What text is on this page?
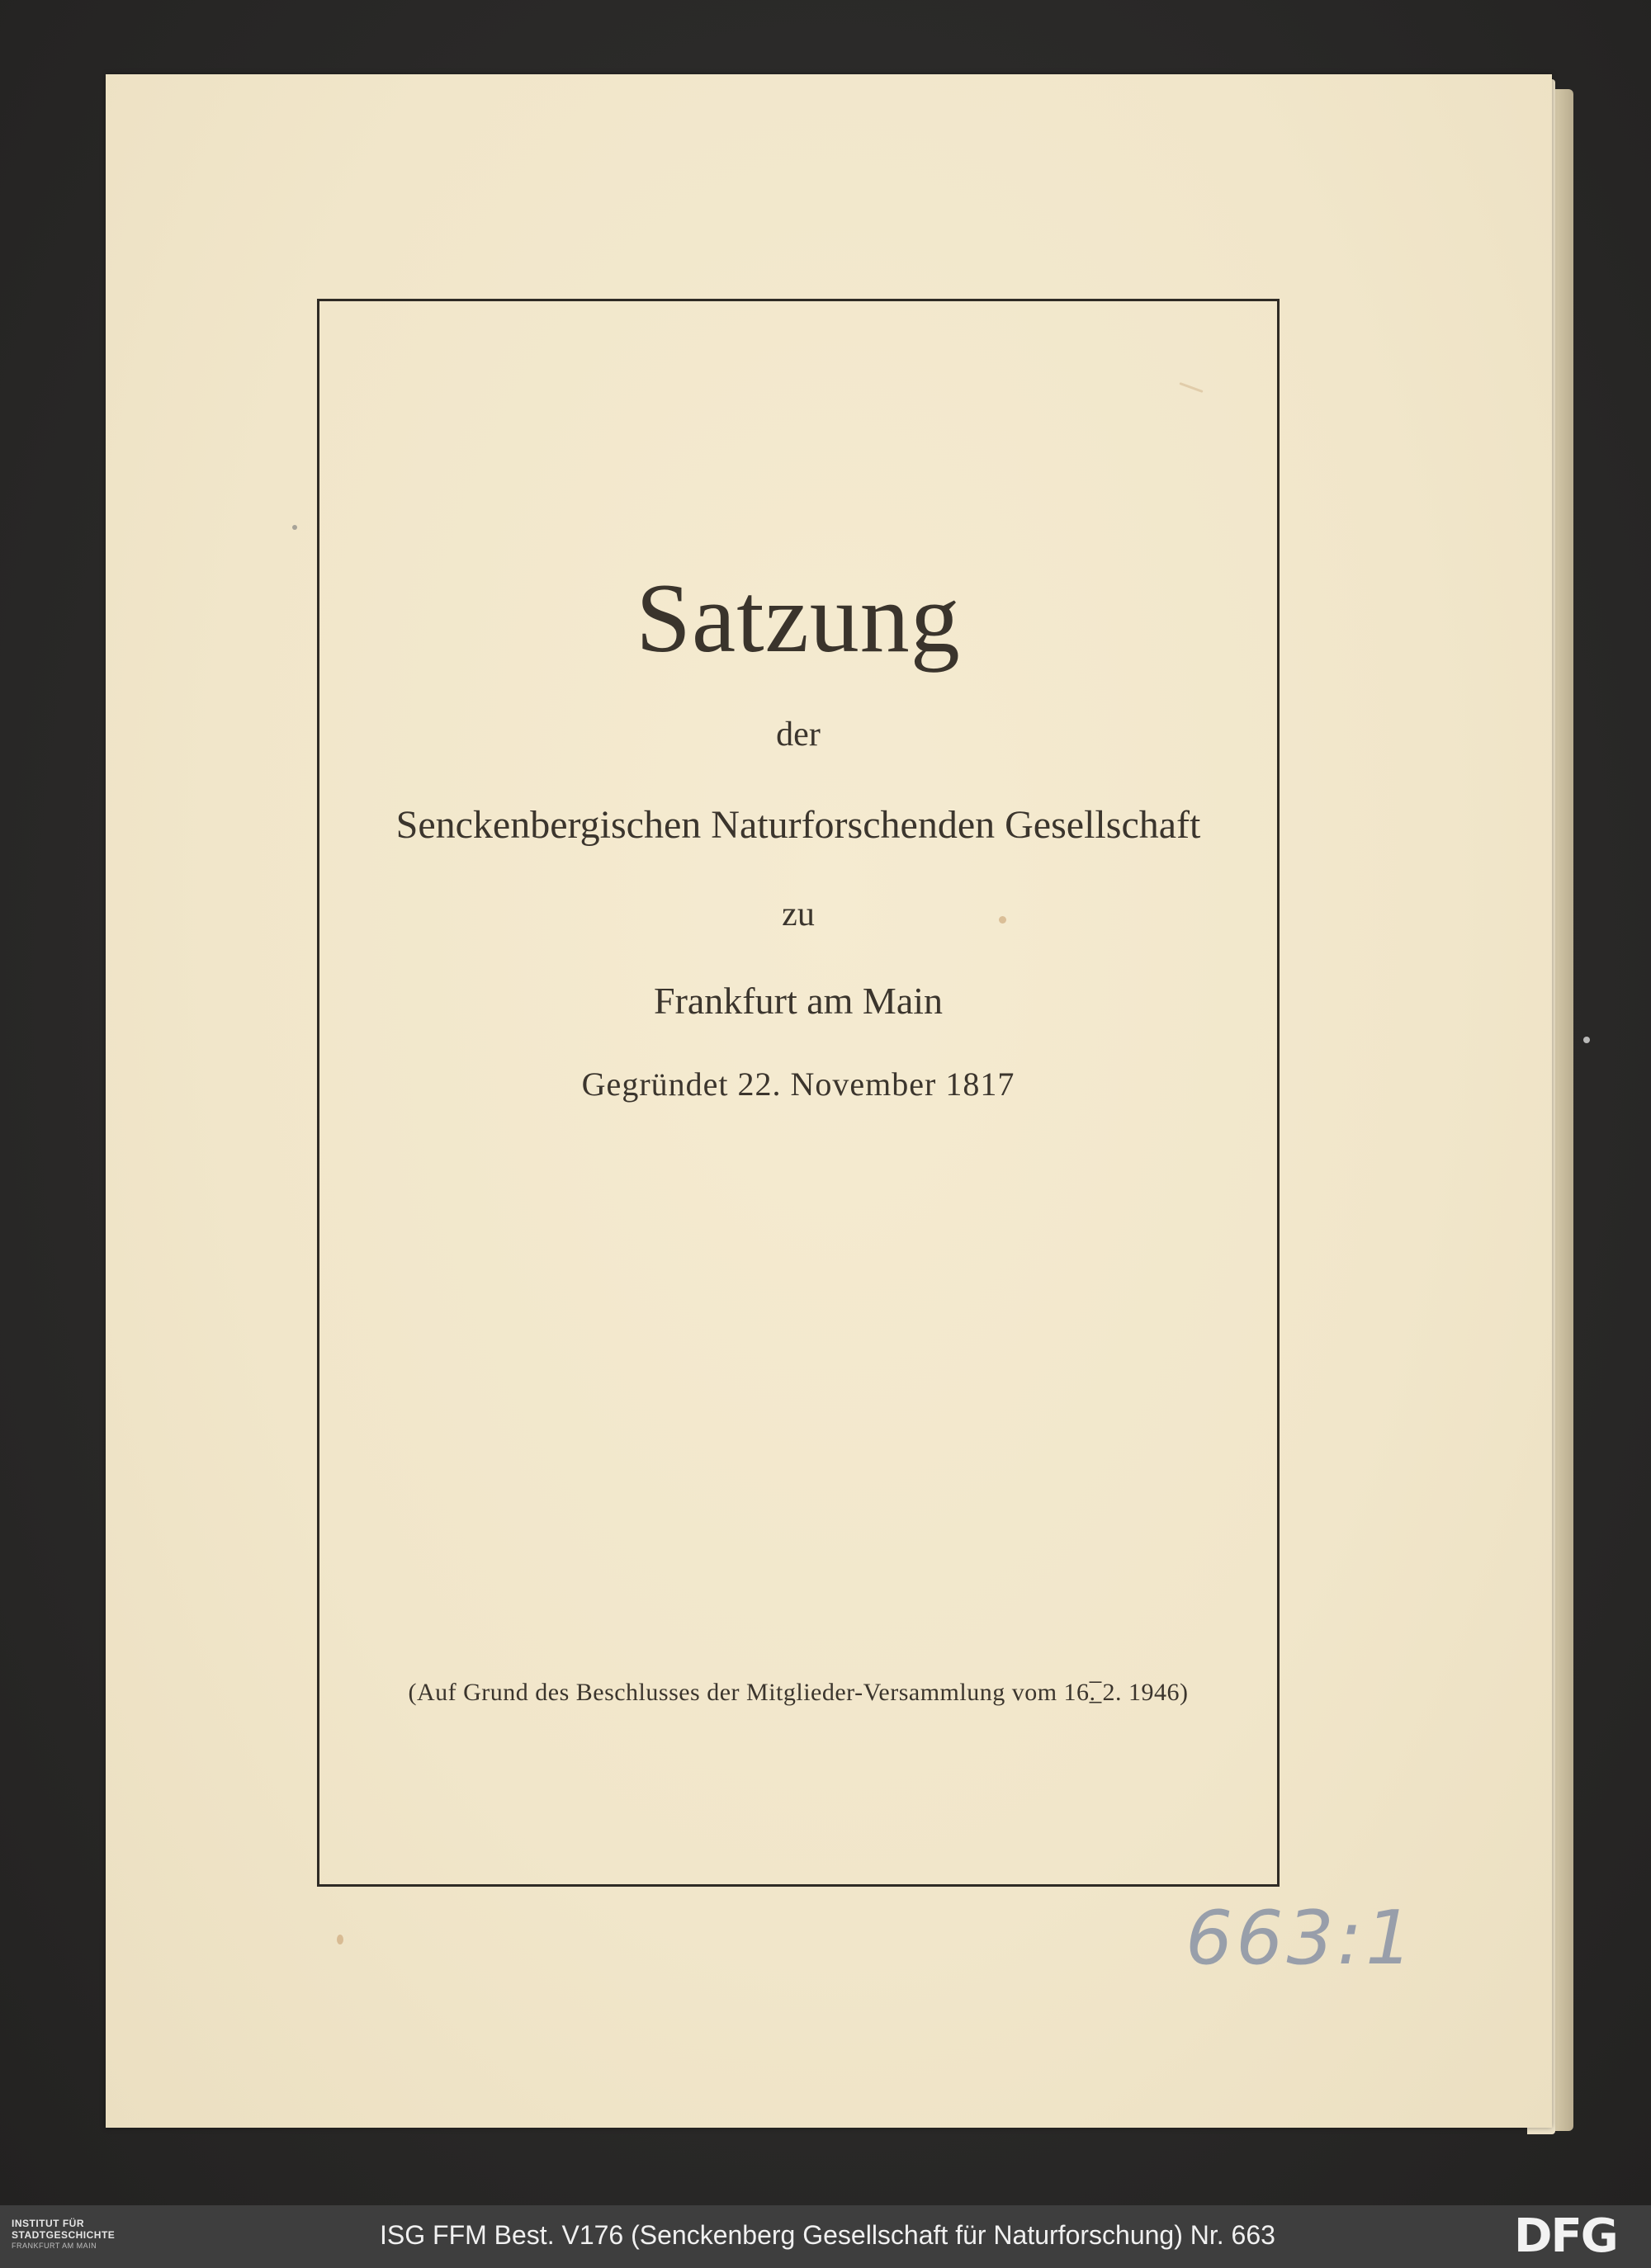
Satzung
der
Senckenbergischen Naturforschenden Gesellschaft
zu
Frankfurt am Main
Gegründet 22. November 1817
(Auf Grund des Beschlusses der Mitglieder-Versammlung vom 16.̲̅ 2. 1946)
663:1
INSTITUT FÜR
STADTGESCHICHTE
FRANKFURT AM MAIN	ISG FFM Best. V176 (Senckenberg Gesellschaft für Naturforschung) Nr. 663	DFG
